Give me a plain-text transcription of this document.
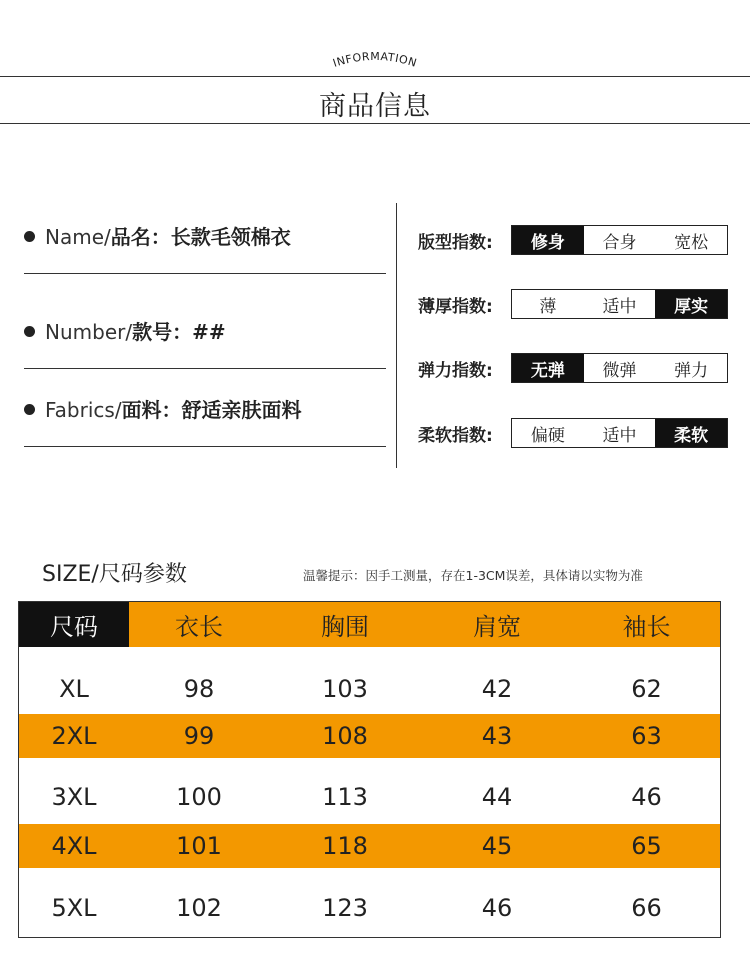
INFORMATION
商品信息
Name/品名：长款毛领棉衣
Number/款号：##
Fabrics/面料：舒适亲肤面料
版型指数:	修身	合身	宽松
薄厚指数:	薄	适中	厚实
弹力指数:	无弹	微弹	弹力
柔软指数:	偏硬	适中	柔软
SIZE/尺码参数	温馨提示：因手工测量，存在1-3CM误差，具体请以实物为准
尺码	衣长	胸围	肩宽	袖长
XL	98	103	42	62
2XL	99	108	43	63
3XL	100	113	44	46
4XL	101	118	45	65
5XL	102	123	46	66
